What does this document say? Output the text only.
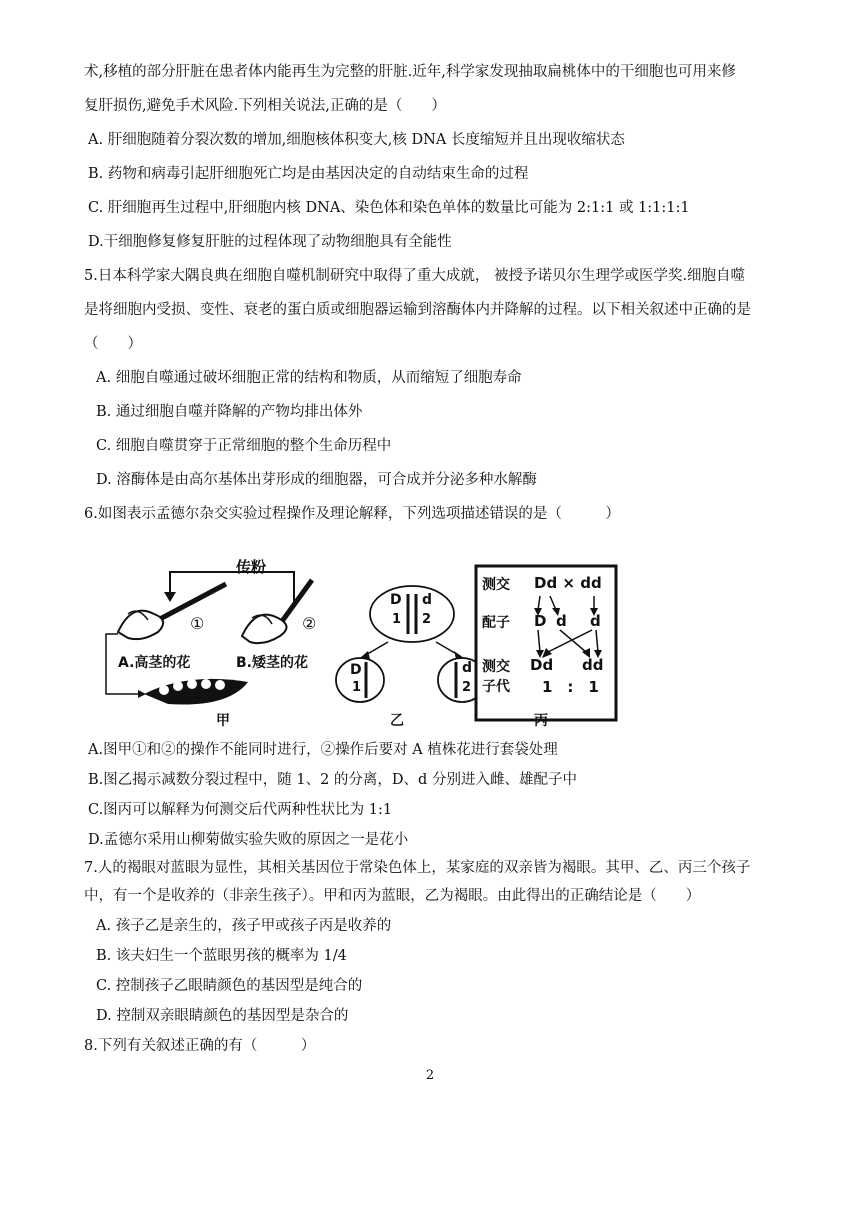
术,移植的部分肝脏在患者体内能再生为完整的肝脏.近年,科学家发现抽取扁桃体中的干细胞也可用来修
复肝损伤,避免手术风险.下列相关说法,正确的是（　　）
A. 肝细胞随着分裂次数的增加,细胞核体积变大,核 DNA 长度缩短并且出现收缩状态
B. 药物和病毒引起肝细胞死亡均是由基因决定的自动结束生命的过程
C. 肝细胞再生过程中,肝细胞内核 DNA、染色体和染色单体的数量比可能为 2:1:1 或 1:1:1:1
D.干细胞修复修复肝脏的过程体现了动物细胞具有全能性
5.日本科学家大隅良典在细胞自噬机制研究中取得了重大成就， 被授予诺贝尔生理学或医学奖.细胞自噬
是将细胞内受损、变性、衰老的蛋白质或细胞器运输到溶酶体内并降解的过程。以下相关叙述中正确的是
（　　）
A. 细胞自噬通过破坏细胞正常的结构和物质，从而缩短了细胞寿命
B. 通过细胞自噬并降解的产物均排出体外
C. 细胞自噬贯穿于正常细胞的整个生命历程中
D. 溶酶体是由高尔基体出芽形成的细胞器，可合成并分泌多种水解酶
6.如图表示孟德尔杂交实验过程操作及理论解释，下列选项描述错误的是（　　　）
传粉
①	②
A.高茎的花	B.矮茎的花
甲
D
1
d
2
D
1
d
2
乙
测交 Dd × dd
配子 D d d
测交
子代
Dd dd
1　:　1
丙
A.图甲①和②的操作不能同时进行，②操作后要对 A 植株花进行套袋处理
B.图乙揭示减数分裂过程中，随 1、2 的分离，D、d 分别进入雌、雄配子中
C.图丙可以解释为何测交后代两种性状比为 1:1
D.孟德尔采用山柳菊做实验失败的原因之一是花小
7.人的褐眼对蓝眼为显性，其相关基因位于常染色体上，某家庭的双亲皆为褐眼。其甲、乙、丙三个孩子
中，有一个是收养的（非亲生孩子）。甲和丙为蓝眼，乙为褐眼。由此得出的正确结论是（　　）
A. 孩子乙是亲生的，孩子甲或孩子丙是收养的
B. 该夫妇生一个蓝眼男孩的概率为 1/4
C. 控制孩子乙眼睛颜色的基因型是纯合的
D. 控制双亲眼睛颜色的基因型是杂合的
8.下列有关叙述正确的有（　　　）
2
